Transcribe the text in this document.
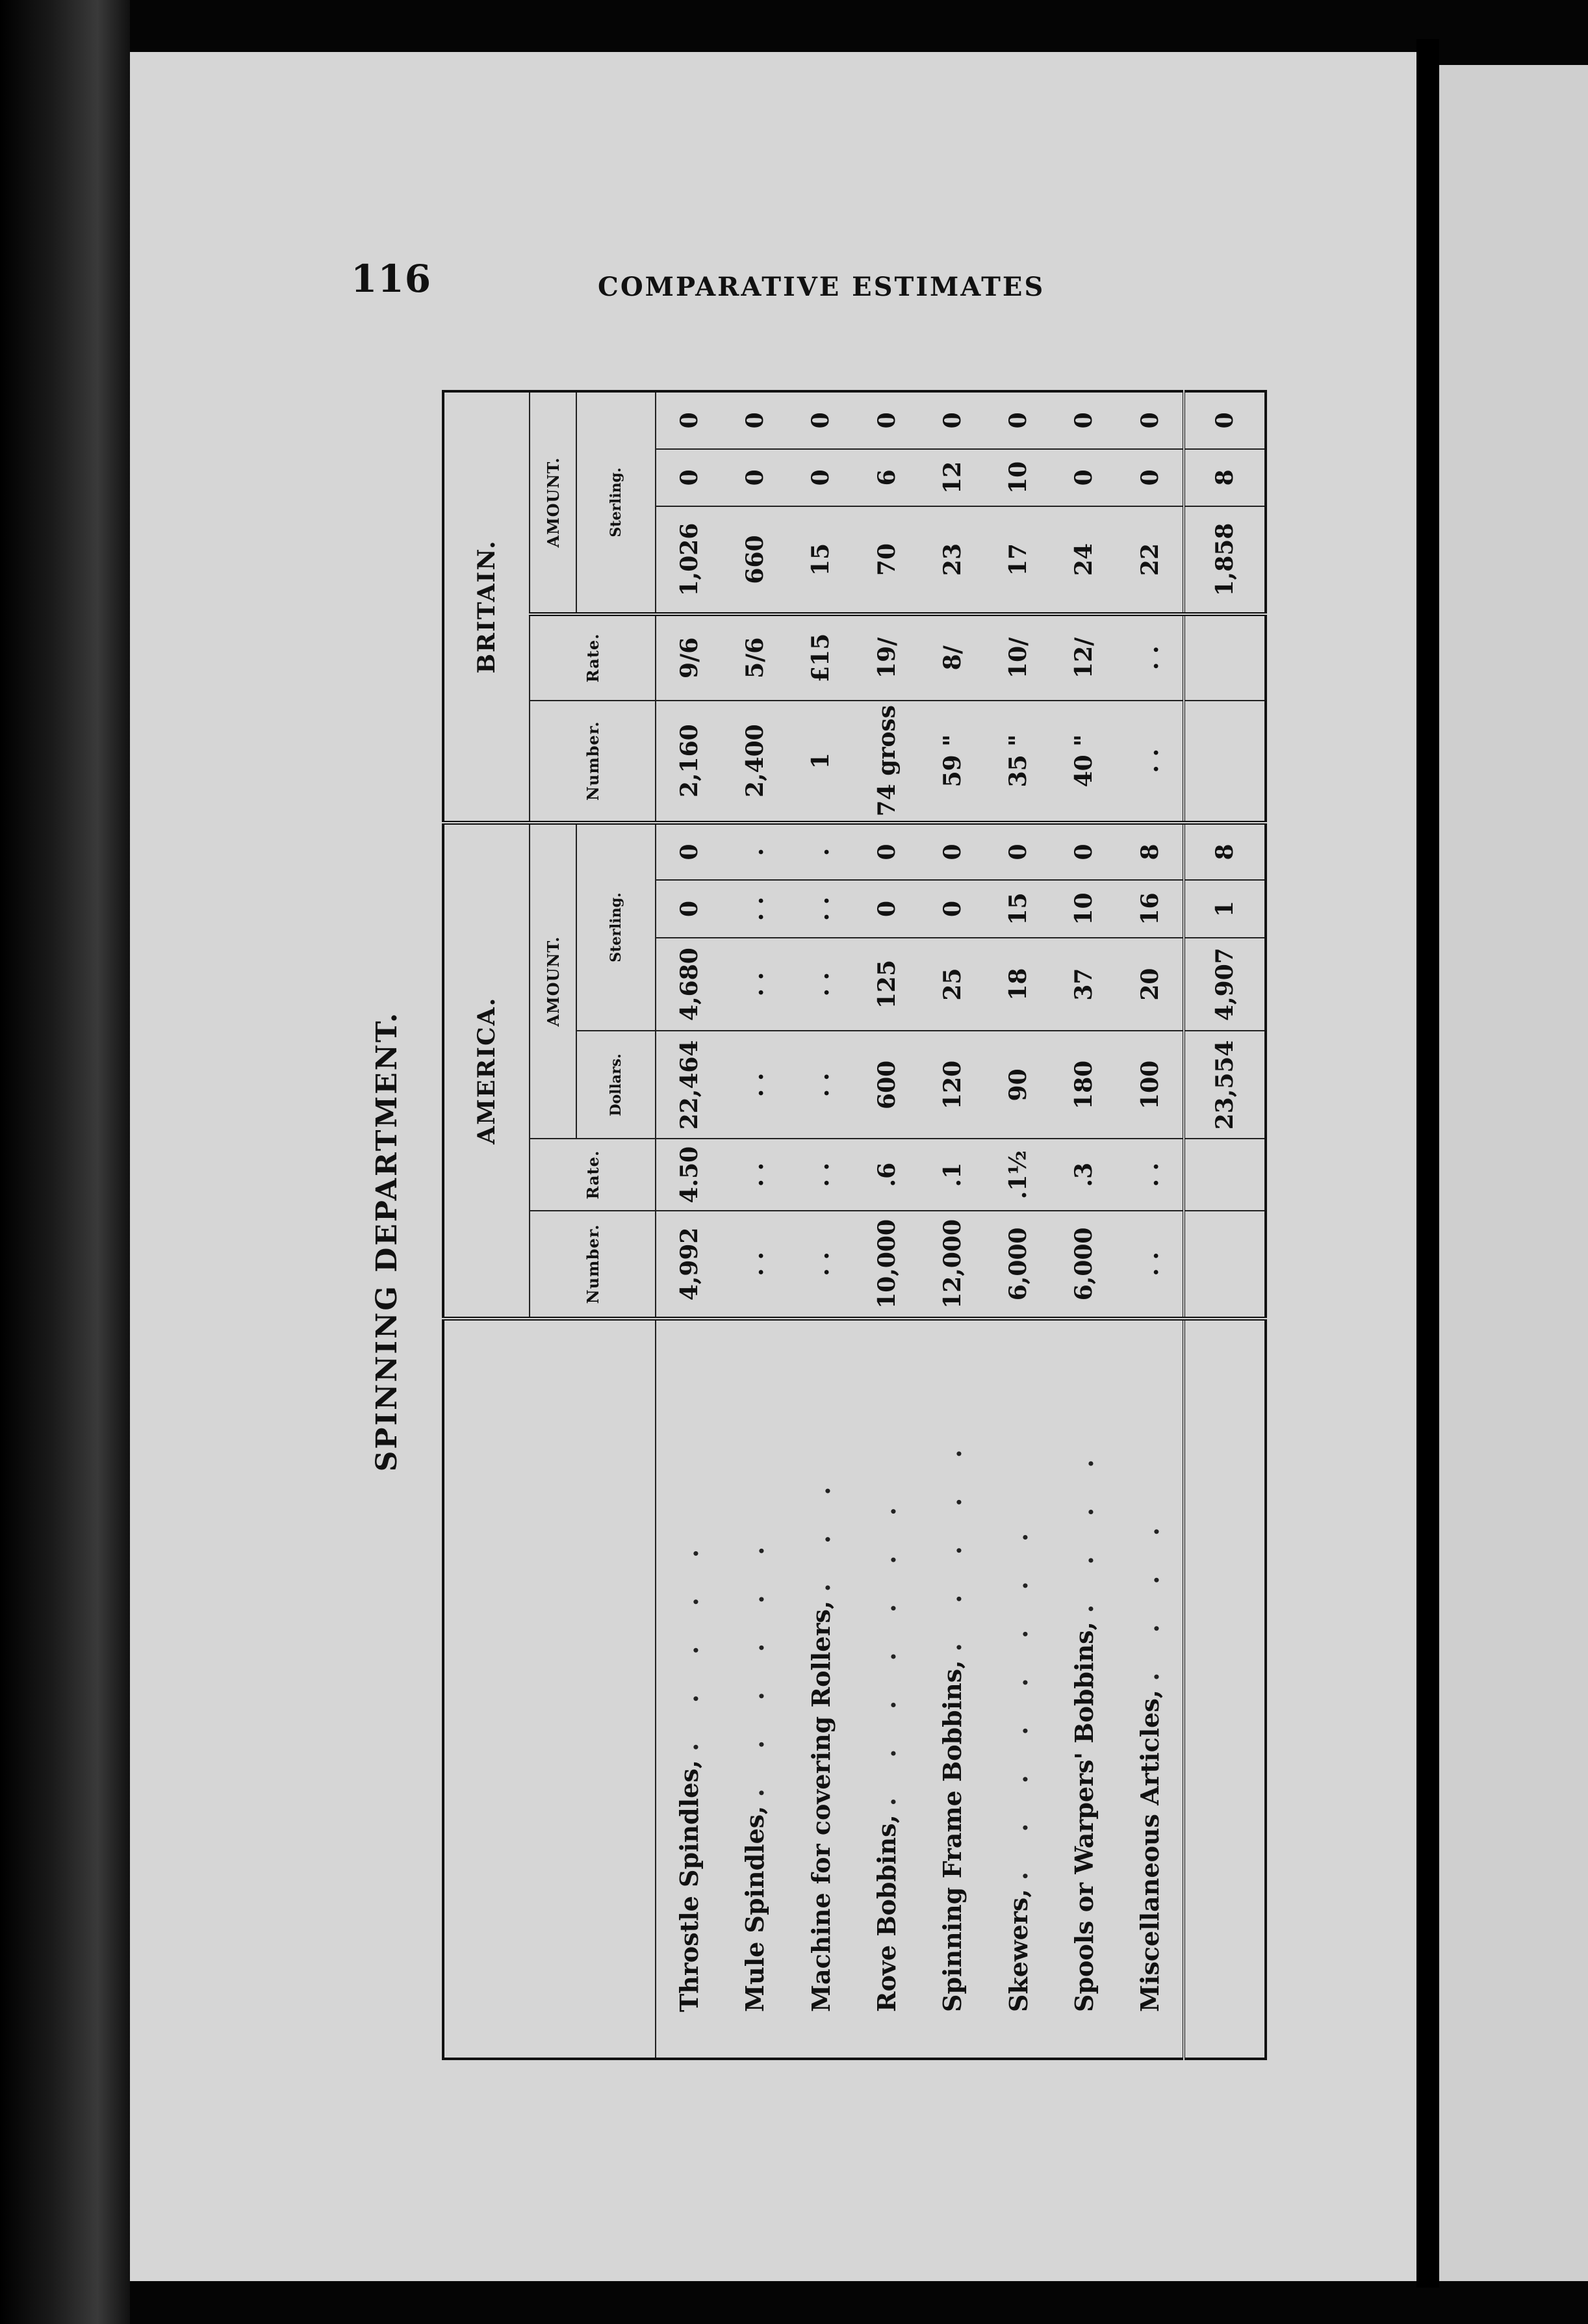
116	COMPARATIVE ESTIMATES
SPINNING DEPARTMENT.
		AMERICA.						BRITAIN.				
	Number.	Rate.	AMOUNT.				Number.	Rate.	AMOUNT.		
			Dollars.	Sterling.					Sterling.		
Throstle Spindles, . . . . .	4,992	4.50	22,464	4,680	0	0	2,160	9/6	1,026	0	0
Mule Spindles, . . . . . .	. .	. .	. .	. .	. .	.	2,400	5/6	660	0	0
Machine for covering Rollers, . . .	. .	. .	. .	. .	. .	.	1	£15	15	0	0
Rove Bobbins, . . . . . . .	10,000	.6	600	125	0	0	74 gross	19/	70	6	0
Spinning Frame Bobbins, . . . . .	12,000	.1	120	25	0	0	59 "	8/	23	12	0
Skewers, . . . . . . . .	6,000	.1½	90	18	15	0	35 "	10/	17	10	0
Spools or Warpers' Bobbins, . . . .	6,000	.3	180	37	10	0	40 "	12/	24	0	0
Miscellaneous Articles, . . . .	. .	. .	100	20	16	8	. .	. .	22	0	0
			23,554	4,907	1	8			1,858	8	0
